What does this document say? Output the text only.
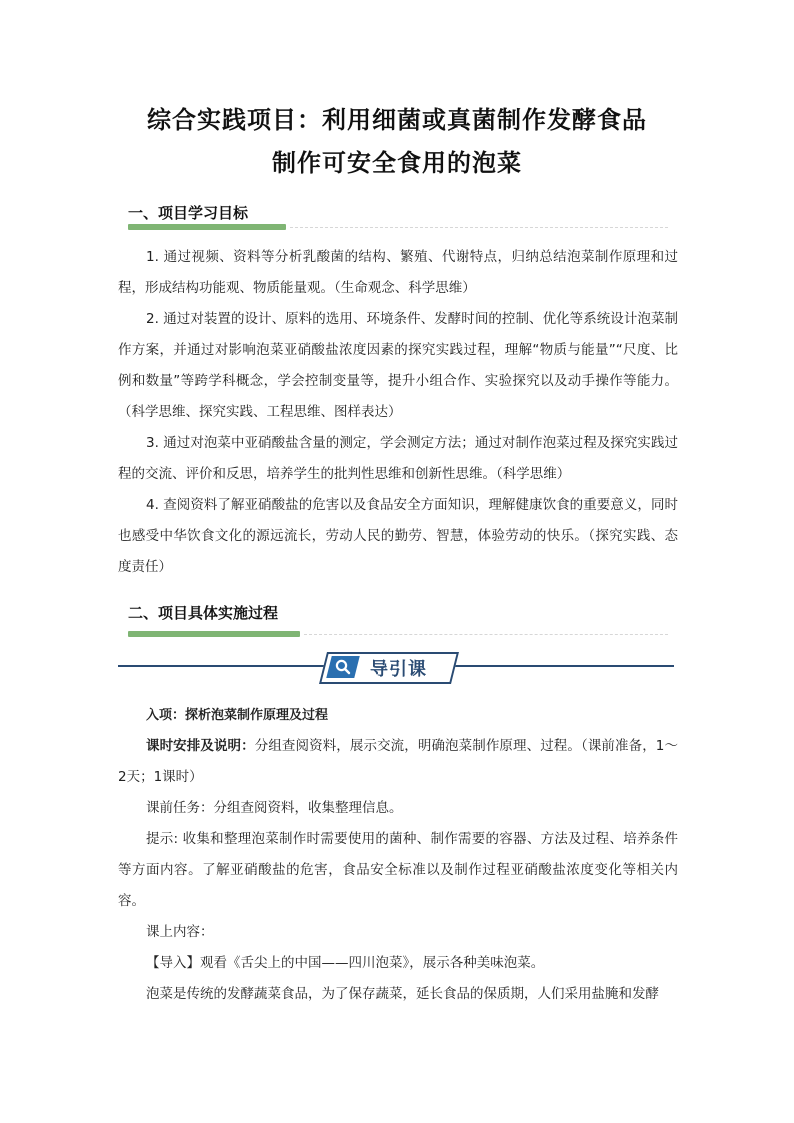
综合实践项目：利用细菌或真菌制作发酵食品
制作可安全食用的泡菜
一、项目学习目标
1. 通过视频、资料等分析乳酸菌的结构、繁殖、代谢特点，归纳总结泡菜制作原理和过程，形成结构功能观、物质能量观。（生命观念、科学思维）
2. 通过对装置的设计、原料的选用、环境条件、发酵时间的控制、优化等系统设计泡菜制作方案，并通过对影响泡菜亚硝酸盐浓度因素的探究实践过程，理解“物质与能量”“尺度、比例和数量”等跨学科概念，学会控制变量等，提升小组合作、实验探究以及动手操作等能力。（科学思维、探究实践、工程思维、图样表达）
3. 通过对泡菜中亚硝酸盐含量的测定，学会测定方法；通过对制作泡菜过程及探究实践过程的交流、评价和反思，培养学生的批判性思维和创新性思维。（科学思维）
4. 查阅资料了解亚硝酸盐的危害以及食品安全方面知识，理解健康饮食的重要意义，同时也感受中华饮食文化的源远流长，劳动人民的勤劳、智慧，体验劳动的快乐。（探究实践、态度责任）
二、项目具体实施过程
导引课
入项：探析泡菜制作原理及过程
课时安排及说明：分组查阅资料，展示交流，明确泡菜制作原理、过程。（课前准备，1～2天；1课时）
课前任务：分组查阅资料，收集整理信息。
提示: 收集和整理泡菜制作时需要使用的菌种、制作需要的容器、方法及过程、培养条件等方面内容。了解亚硝酸盐的危害，食品安全标准以及制作过程亚硝酸盐浓度变化等相关内容。
课上内容：
【导入】观看《舌尖上的中国——四川泡菜》，展示各种美味泡菜。
泡菜是传统的发酵蔬菜食品，为了保存蔬菜，延长食品的保质期，人们采用盐腌和发酵
